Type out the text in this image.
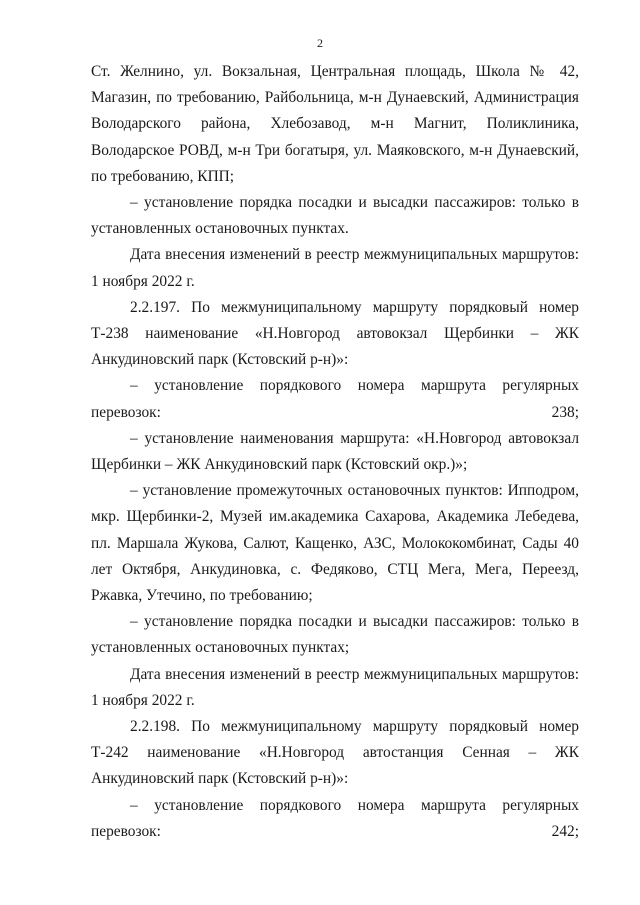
2

Ст. Желнино, ул. Вокзальная, Центральная площадь, Школа № 42, Магазин, по требованию, Райбольница, м-н Дунаевский, Администрация Володарского района, Хлебозавод, м-н Магнит, Поликлиника, Володарское РОВД, м-н Три богатыря, ул. Маяковского, м-н Дунаевский, по требованию, КПП;

– установление порядка посадки и высадки пассажиров: только в установленных остановочных пунктах.

Дата внесения изменений в реестр межмуниципальных маршрутов: 1 ноября 2022 г.

2.2.197. По межмуниципальному маршруту порядковый номер Т-238 наименование «Н.Новгород автовокзал Щербинки – ЖК Анкудиновский парк (Кстовский р-н)»:

– установление порядкового номера маршрута регулярных перевозок: 238;

– установление наименования маршрута: «Н.Новгород автовокзал Щербинки – ЖК Анкудиновский парк (Кстовский окр.)»;

– установление промежуточных остановочных пунктов: Ипподром, мкр. Щербинки-2, Музей им.академика Сахарова, Академика Лебедева, пл. Маршала Жукова, Салют, Кащенко, АЗС, Молококомбинат, Сады 40 лет Октября, Анкудиновка, с. Федяково, СТЦ Мега, Мега, Переезд, Ржавка, Утечино, по требованию;

– установление порядка посадки и высадки пассажиров: только в установленных остановочных пунктах;

Дата внесения изменений в реестр межмуниципальных маршрутов: 1 ноября 2022 г.

2.2.198. По межмуниципальному маршруту порядковый номер Т-242 наименование «Н.Новгород автостанция Сенная – ЖК Анкудиновский парк (Кстовский р-н)»:

– установление порядкового номера маршрута регулярных перевозок: 242;
